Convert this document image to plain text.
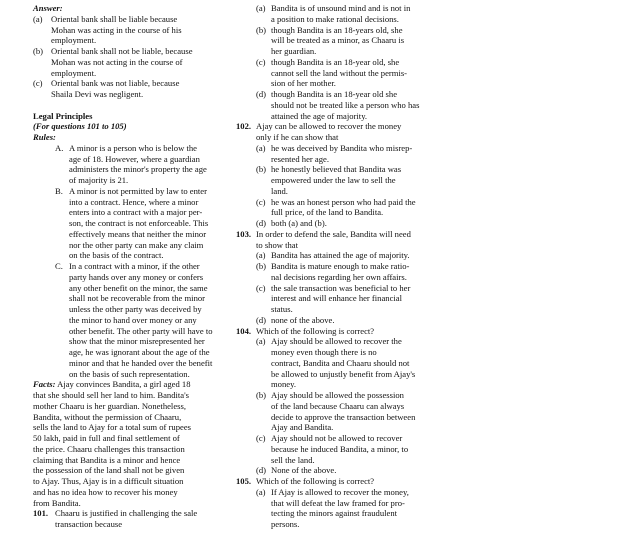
Answer:
(a) Oriental bank shall be liable because
Mohan was acting in the course of his
employment.
(b) Oriental bank shall not be liable, because
Mohan was not acting in the course of
employment.
(c) Oriental bank was not liable, because
Shaila Devi was negligent.
Legal Principles
(For questions 101 to 105)
Rules:
A. A minor is a person who is below the
age of 18. However, where a guardian
administers the minor's property the age
of majority is 21.
B. A minor is not permitted by law to enter
into a contract. Hence, where a minor
enters into a contract with a major per-
son, the contract is not enforceable. This
effectively means that neither the minor
nor the other party can make any claim
on the basis of the contract.
C. In a contract with a minor, if the other
party hands over any money or confers
any other benefit on the minor, the same
shall not be recoverable from the minor
unless the other party was deceived by
the minor to hand over money or any
other benefit. The other party will have to
show that the minor misrepresented her
age, he was ignorant about the age of the
minor and that he handed over the benefit
on the basis of such representation.
Facts: Ajay convinces Bandita, a girl aged 18
that she should sell her land to him. Bandita's
mother Chaaru is her guardian. Nonetheless,
Bandita, without the permission of Chaaru,
sells the land to Ajay for a total sum of rupees
50 lakh, paid in full and final settlement of
the price. Chaaru challenges this transaction
claiming that Bandita is a minor and hence
the possession of the land shall not be given
to Ajay. Thus, Ajay is in a difficult situation
and has no idea how to recover his money
from Bandita.
101. Chaaru is justified in challenging the sale
transaction because
(a) Bandita is of unsound mind and is not in
a position to make rational decisions.
(b) though Bandita is an 18-years old, she
will be treated as a minor, as Chaaru is
her guardian.
(c) though Bandita is an 18-year old, she
cannot sell the land without the permis-
sion of her mother.
(d) though Bandita is an 18-year old she
should not be treated like a person who has
attained the age of majority.
102. Ajay can be allowed to recover the money
only if he can show that
(a) he was deceived by Bandita who misrep-
resented her age.
(b) he honestly believed that Bandita was
empowered under the law to sell the
land.
(c) he was an honest person who had paid the
full price, of the land to Bandita.
(d) both (a) and (b).
103. In order to defend the sale, Bandita will need
to show that
(a) Bandita has attained the age of majority.
(b) Bandita is mature enough to make ratio-
nal decisions regarding her own affairs.
(c) the sale transaction was beneficial to her
interest and will enhance her financial
status.
(d) none of the above.
104. Which of the following is correct?
(a) Ajay should be allowed to recover the
money even though there is no
contract, Bandita and Chaaru should not
be allowed to unjustly benefit from Ajay's
money.
(b) Ajay should be allowed the possession
of the land because Chaaru can always
decide to approve the transaction between
Ajay and Bandita.
(c) Ajay should not be allowed to recover
because he induced Bandita, a minor, to
sell the land.
(d) None of the above.
105. Which of the following is correct?
(a) If Ajay is allowed to recover the money,
that will defeat the law framed for pro-
tecting the minors against fraudulent
persons.
